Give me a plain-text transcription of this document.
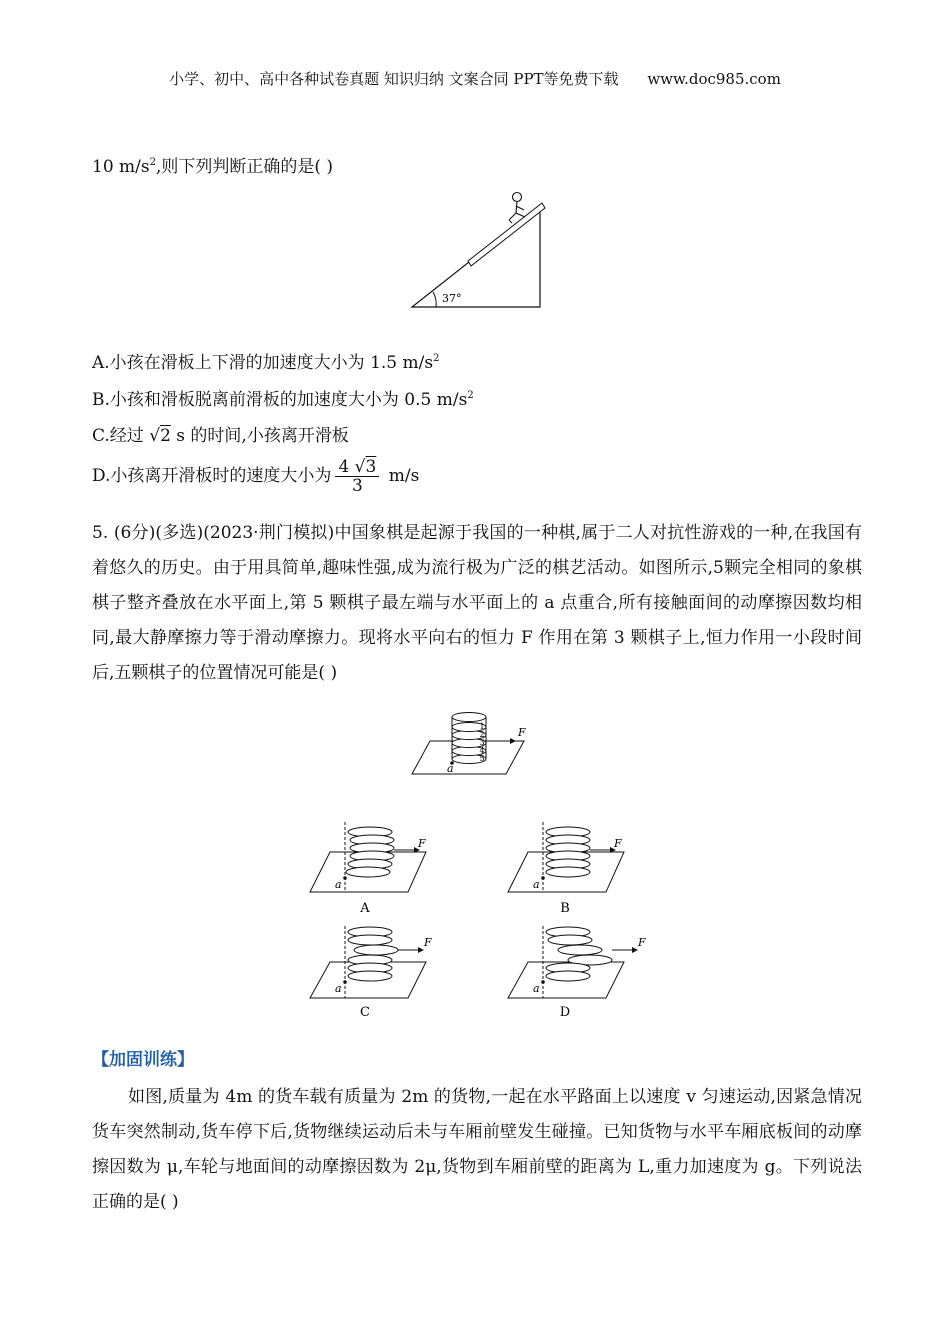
小学、初中、高中各种试卷真题 知识归纳 文案合同 PPT等免费下载 www.doc985.com
10 $m/s^2$,则下列判断正确的是( )
37°
A.小孩在滑板上下滑的加速度大小为 1.5 $m/s^2$
B.小孩和滑板脱离前滑板的加速度大小为 0.5 $m/s^2$
C.经过 √2 s 的时间,小孩离开滑板
D.小孩离开滑板时的速度大小为 $\frac{4 √3}{3} m/s$
5. (6分)(多选)(2023·荆门模拟)中国象棋是起源于我国的一种棋,属于二人对抗性游戏的一种,在我国有着悠久的历史。由于用具简单,趣味性强,成为流行极为广泛的棋艺活动。如图所示,5颗完全相同的象棋棋子整齐叠放在水平面上,第 5 颗棋子最左端与水平面上的 a 点重合,所有接触面间的动摩擦因数均相同,最大静摩擦力等于滑动摩擦力。现将水平向右的恒力 F 作用在第 3 颗棋子上,恒力作用一小段时间后,五颗棋子的位置情况可能是( )
1
2
3
4
5
F
a
F	F
F	F
a	a
a	a
A	B
C	D
【加固训练】
如图,质量为 4m 的货车载有质量为 2m 的货物,一起在水平路面上以速度 v 匀速运动,因紧急情况货车突然制动,货车停下后,货物继续运动后未与车厢前壁发生碰撞。已知货物与水平车厢底板间的动摩擦因数为 μ,车轮与地面间的动摩擦因数为 2μ,货物到车厢前壁的距离为 L,重力加速度为 g。下列说法正确的是( )
